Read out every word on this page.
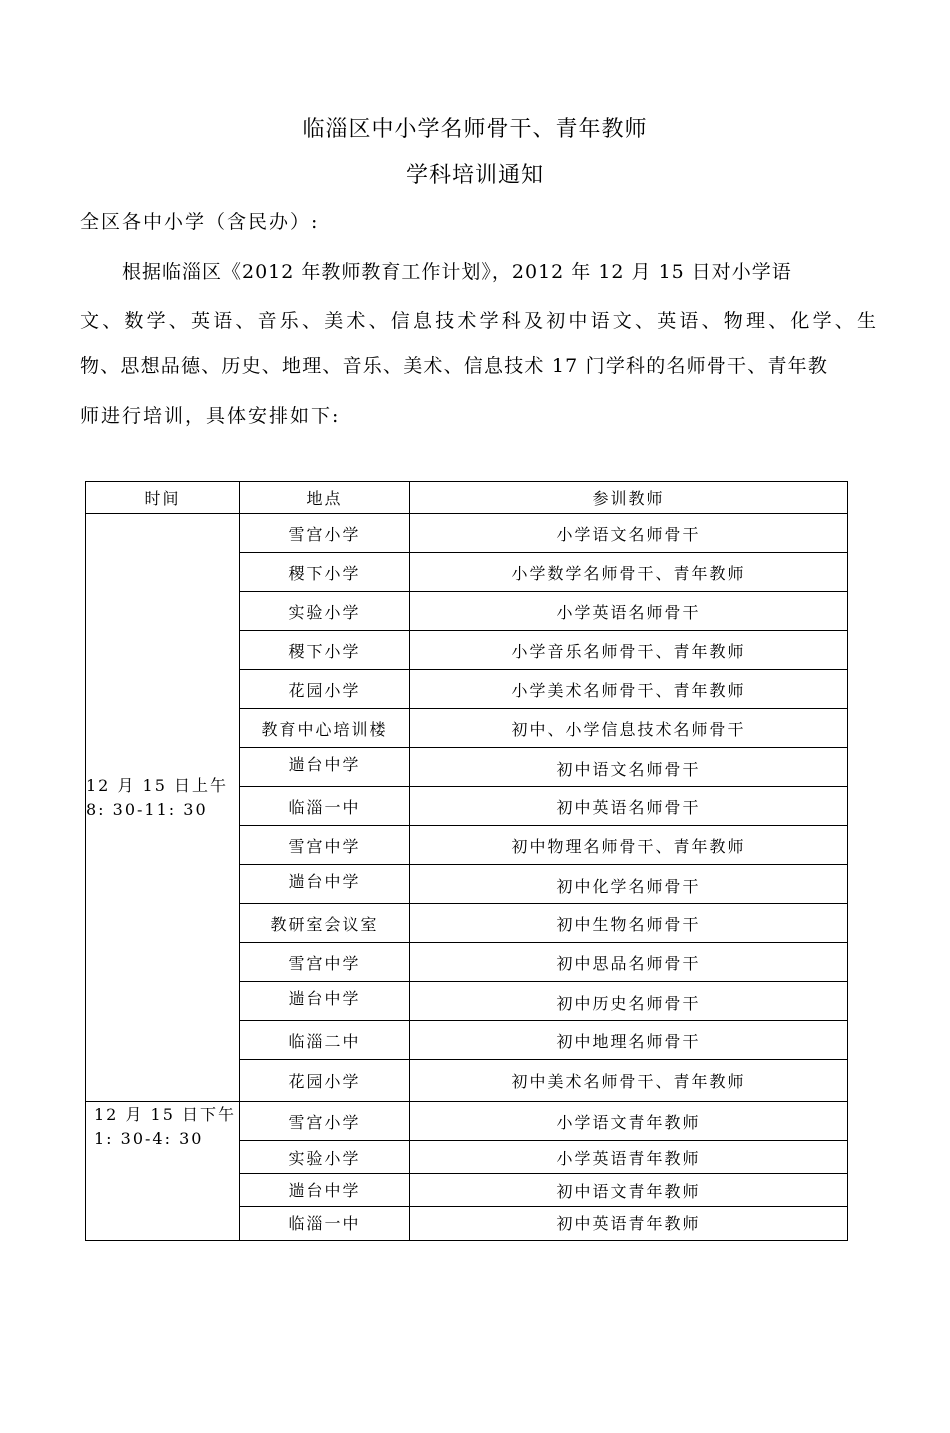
临淄区中小学名师骨干、青年教师
学科培训通知
全区各中小学（含民办）:
根据临淄区《2012 年教师教育工作计划》，2012 年 12 月 15 日对小学语
文、数学、英语、音乐、美术、信息技术学科及初中语文、英语、物理、化学、生
物、思想品德、历史、地理、音乐、美术、信息技术 17 门学科的名师骨干、青年教
师进行培训，具体安排如下:
时间	地点	参训教师

12 月 15 日上午
8: 30-11: 30	雪宫小学	小学语文名师骨干
	稷下小学	小学数学名师骨干、青年教师
	实验小学	小学英语名师骨干
	稷下小学	小学音乐名师骨干、青年教师
	花园小学	小学美术名师骨干、青年教师
	教育中心培训楼	初中、小学信息技术名师骨干
	遄台中学	初中语文名师骨干
	临淄一中	初中英语名师骨干
	雪宫中学	初中物理名师骨干、青年教师
	遄台中学	初中化学名师骨干
	教研室会议室	初中生物名师骨干
	雪宫中学	初中思品名师骨干
	遄台中学	初中历史名师骨干
	临淄二中	初中地理名师骨干
	花园小学	初中美术名师骨干、青年教师

12 月 15 日下午
1: 30-4: 30	雪宫小学	小学语文青年教师
	实验小学	小学英语青年教师
	遄台中学	初中语文青年教师
	临淄一中	初中英语青年教师
